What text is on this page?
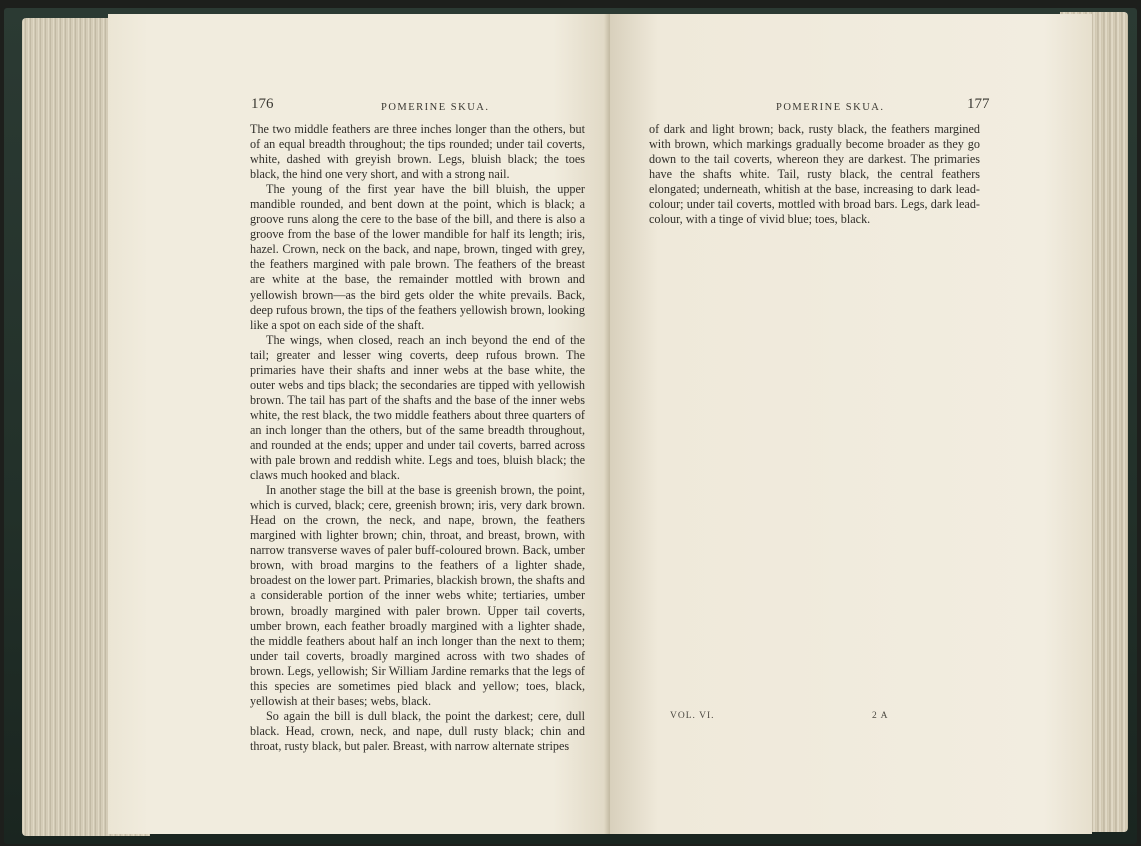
176	POMERINE SKUA.

The two middle feathers are three inches longer than the others, but of an equal breadth throughout; the tips rounded; under tail coverts, white, dashed with greyish brown. Legs, bluish black; the toes black, the hind one very short, and with a strong nail.

The young of the first year have the bill bluish, the upper mandible rounded, and bent down at the point, which is black; a groove runs along the cere to the base of the bill, and there is also a groove from the base of the lower mandible for half its length; iris, hazel. Crown, neck on the back, and nape, brown, tinged with grey, the feathers margined with pale brown. The feathers of the breast are white at the base, the remainder mottled with brown and yellowish brown—as the bird gets older the white prevails. Back, deep rufous brown, the tips of the feathers yellowish brown, looking like a spot on each side of the shaft.

The wings, when closed, reach an inch beyond the end of the tail; greater and lesser wing coverts, deep rufous brown. The primaries have their shafts and inner webs at the base white, the outer webs and tips black; the secondaries are tipped with yellowish brown. The tail has part of the shafts and the base of the inner webs white, the rest black, the two middle feathers about three quarters of an inch longer than the others, but of the same breadth throughout, and rounded at the ends; upper and under tail coverts, barred across with pale brown and reddish white. Legs and toes, bluish black; the claws much hooked and black.

In another stage the bill at the base is greenish brown, the point, which is curved, black; cere, greenish brown; iris, very dark brown. Head on the crown, the neck, and nape, brown, the feathers margined with lighter brown; chin, throat, and breast, brown, with narrow transverse waves of paler buff-coloured brown. Back, umber brown, with broad margins to the feathers of a lighter shade, broadest on the lower part. Primaries, blackish brown, the shafts and a considerable portion of the inner webs white; tertiaries, umber brown, broadly margined with paler brown. Upper tail coverts, umber brown, each feather broadly margined with a lighter shade, the middle feathers about half an inch longer than the next to them; under tail coverts, broadly margined across with two shades of brown. Legs, yellowish; Sir William Jardine remarks that the legs of this species are sometimes pied black and yellow; toes, black, yellowish at their bases; webs, black.

So again the bill is dull black, the point the darkest; cere, dull black. Head, crown, neck, and nape, dull rusty black; chin and throat, rusty black, but paler. Breast, with narrow alternate stripes

POMERINE SKUA.	177

of dark and light brown; back, rusty black, the feathers margined with brown, which markings gradually become broader as they go down to the tail coverts, whereon they are darkest. The primaries have the shafts white. Tail, rusty black, the central feathers elongated; underneath, whitish at the base, increasing to dark lead-colour; under tail coverts, mottled with broad bars. Legs, dark lead-colour, with a tinge of vivid blue; toes, black.

VOL. VI.	2 A
